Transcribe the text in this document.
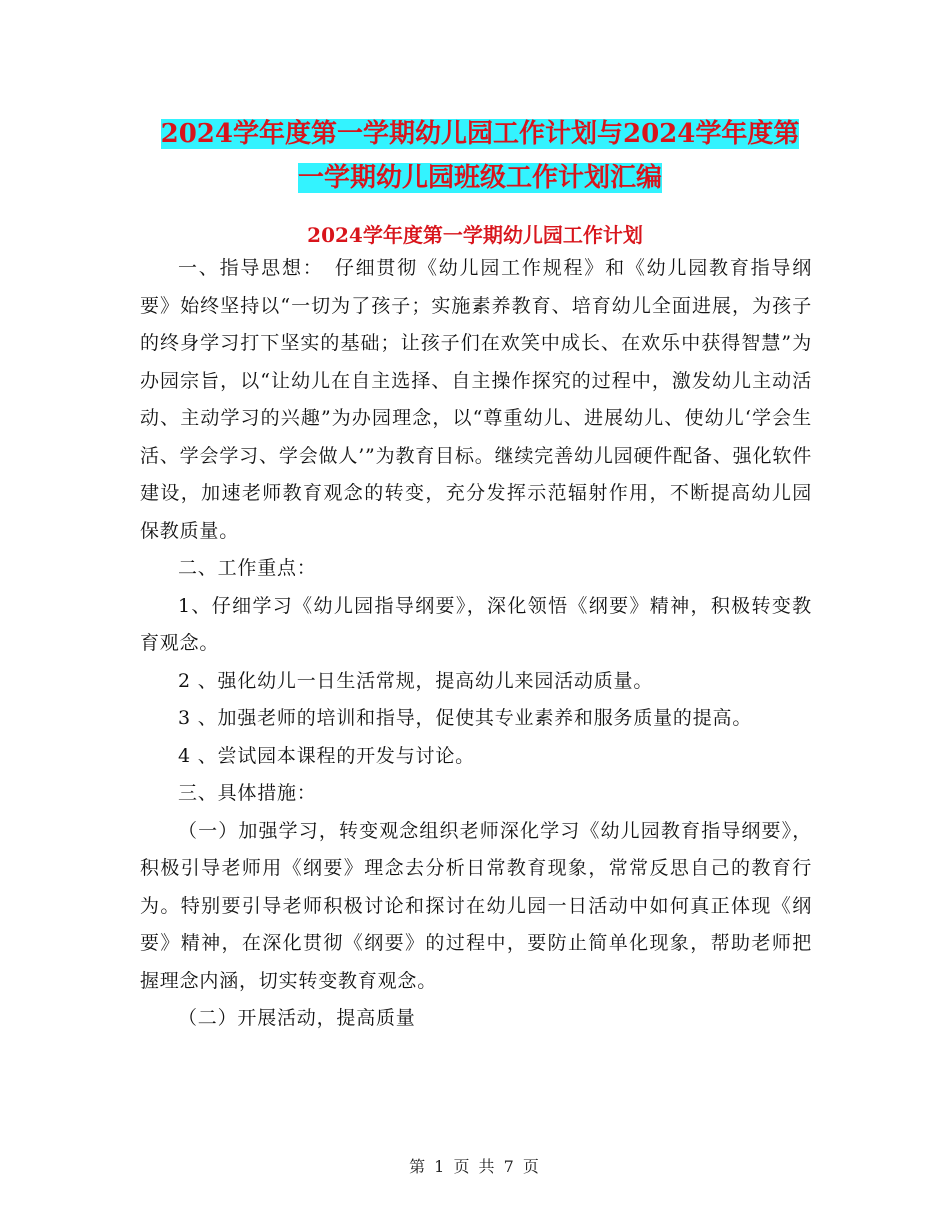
2024学年度第一学期幼儿园工作计划与2024学年度第
一学期幼儿园班级工作计划汇编
2024学年度第一学期幼儿园工作计划

一、指导思想：　仔细贯彻《幼儿园工作规程》和《幼儿园教育指导纲要》始终坚持以“一切为了孩子；实施素养教育、培育幼儿全面进展，为孩子的终身学习打下坚实的基础；让孩子们在欢笑中成长、在欢乐中获得智慧”为办园宗旨，以“让幼儿在自主选择、自主操作探究的过程中，激发幼儿主动活动、主动学习的兴趣”为办园理念，以“尊重幼儿、进展幼儿、使幼儿‘学会生活、学会学习、学会做人’”为教育目标。继续完善幼儿园硬件配备、强化软件建设，加速老师教育观念的转变，充分发挥示范辐射作用，不断提高幼儿园保教质量。

二、工作重点：

1、仔细学习《幼儿园指导纲要》，深化领悟《纲要》精神，积极转变教育观念。

2 、强化幼儿一日生活常规，提高幼儿来园活动质量。

3 、加强老师的培训和指导，促使其专业素养和服务质量的提高。

4 、尝试园本课程的开发与讨论。

三、具体措施：

（一）加强学习，转变观念组织老师深化学习《幼儿园教育指导纲要》，积极引导老师用《纲要》理念去分析日常教育现象，常常反思自己的教育行为。特别要引导老师积极讨论和探讨在幼儿园一日活动中如何真正体现《纲要》精神，在深化贯彻《纲要》的过程中，要防止简单化现象，帮助老师把握理念内涵，切实转变教育观念。

（二）开展活动，提高质量

第 1 页 共 7 页
